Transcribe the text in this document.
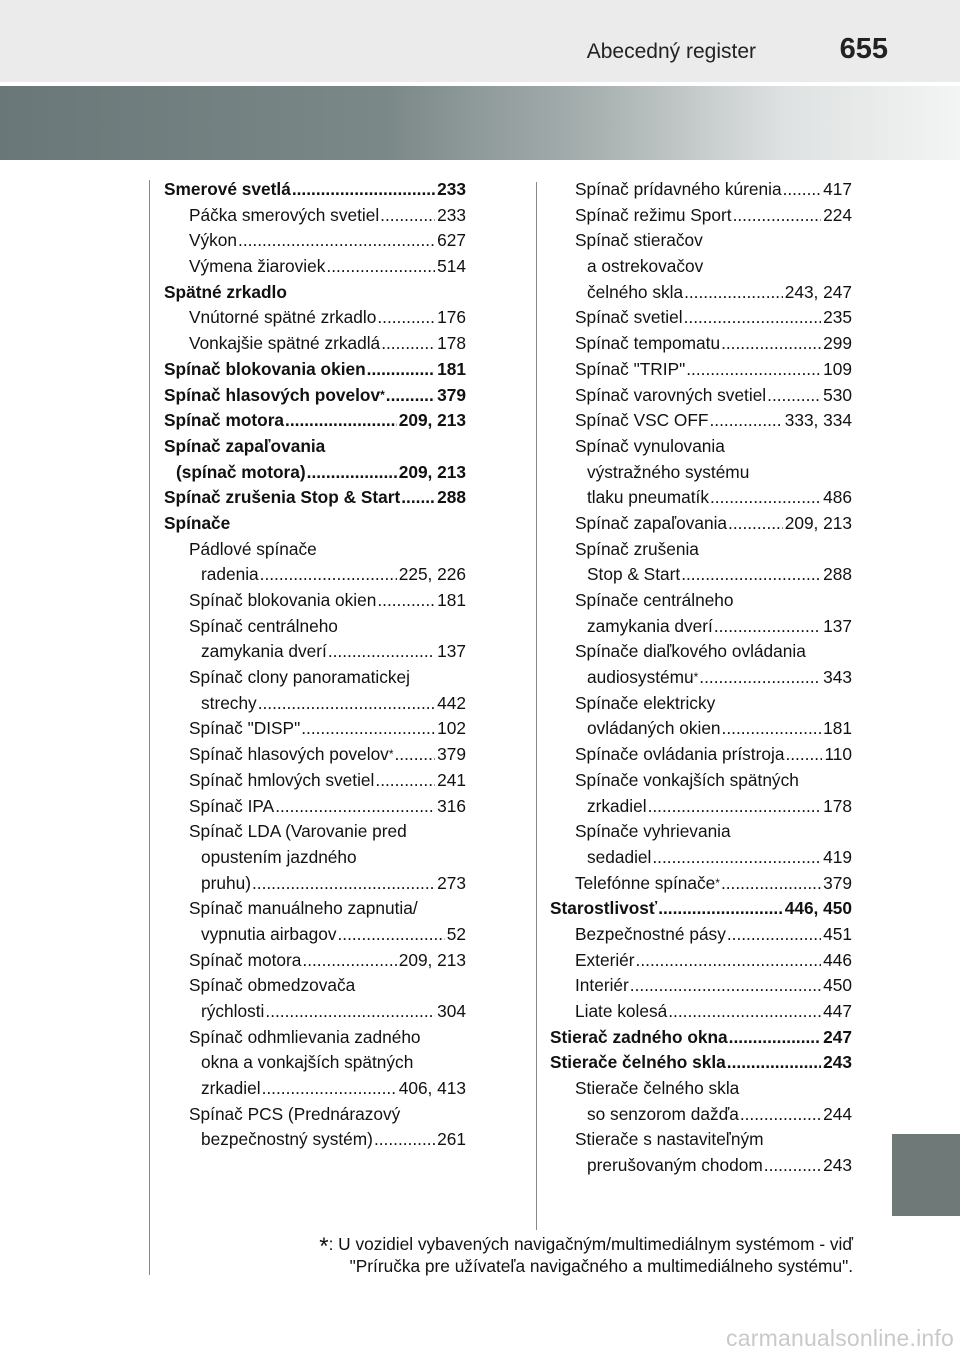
Abecedný register	655
Smerové svetlá .....	233
Páčka smerových svetiel .....	233
Výkon .....	627
Výmena žiaroviek .....	514
Spätné zrkadlo
Vnútorné spätné zrkadlo .....	176
Vonkajšie spätné zrkadlá .....	178
Spínač blokovania okien .....	181
Spínač hlasových povelov* .....	379
Spínač motora .....	209, 213
Spínač zapaľovania
(spínač motora) .....	209, 213
Spínač zrušenia Stop & Start ..... 288
Spínače
Pádlové spínače
radenia .....	225, 226
Spínač blokovania okien .....	181
Spínač centrálneho
zamykania dverí .....	137
Spínač clony panoramatickej
strechy .....	442
Spínač "DISP" .....	102
Spínač hlasových povelov* .....	379
Spínač hmlových svetiel .....	241
Spínač IPA .....	316
Spínač LDA (Varovanie pred
opustením jazdného
pruhu) .....	273
Spínač manuálneho zapnutia/
vypnutia airbagov .....	52
Spínač motora .....	209, 213
Spínač obmedzovača
rýchlosti .....	304
Spínač odhmlievania zadného
okna a vonkajších spätných
zrkadiel .....	406, 413
Spínač PCS (Prednárazový
bezpečnostný systém) .....	261
Spínač prídavného kúrenia ..... 417
Spínač režimu Sport .....	224
Spínač stieračov
a ostrekovačov
čelného skla .....	243, 247
Spínač svetiel .....	235
Spínač tempomatu .....	299
Spínač "TRIP" .....	109
Spínač varovných svetiel .....	530
Spínač VSC OFF .....	333, 334
Spínač vynulovania
výstražného systému
tlaku pneumatík .....	486
Spínač zapaľovania .....	209, 213
Spínač zrušenia
Stop & Start .....	288
Spínače centrálneho
zamykania dverí .....	137
Spínače diaľkového ovládania
audiosystému* .....	343
Spínače elektricky
ovládaných okien .....	181
Spínače ovládania prístroja ..... 110
Spínače vonkajších spätných
zrkadiel .....	178
Spínače vyhrievania
sedadiel .....	419
Telefónne spínače* .....	379
Starostlivosť .....	446, 450
Bezpečnostné pásy .....	451
Exteriér .....	446
Interiér .....	450
Liate kolesá .....	447
Stierač zadného okna .....	247
Stierače čelného skla .....	243
Stierače čelného skla
so senzorom dažďa .....	244
Stierače s nastaviteľným
prerušovaným chodom .....	243
*: U vozidiel vybavených navigačným/multimediálnym systémom - viď
"Príručka pre užívateľa navigačného a multimediálneho systému".
carmanualsonline.info
